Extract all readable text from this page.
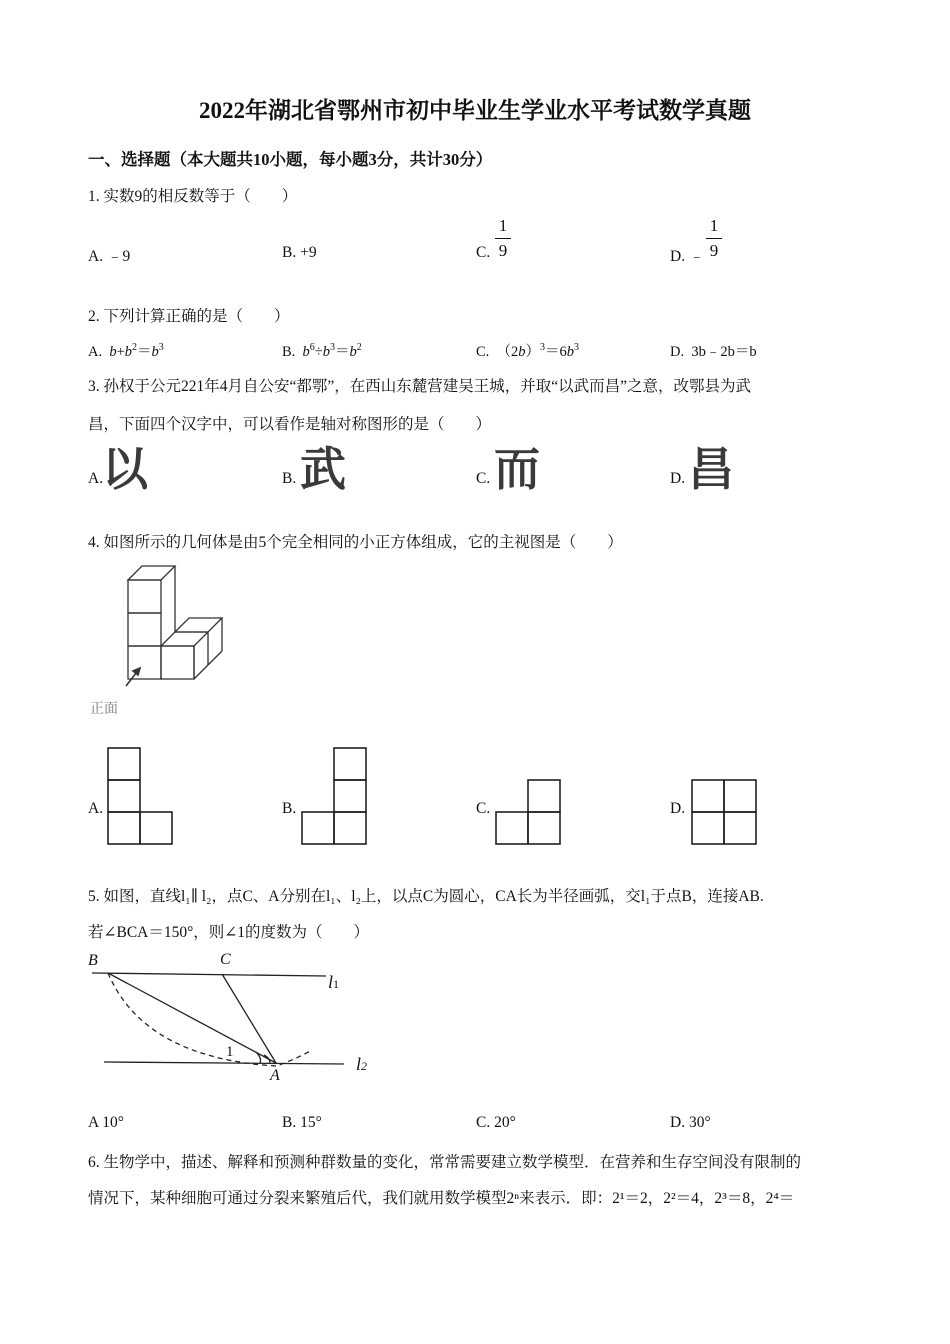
2022年湖北省鄂州市初中毕业生学业水平考试数学真题
一、选择题（本大题共10小题，每小题3分，共计30分）
1. 实数9的相反数等于（　　）
A. ﹣9	B. +9	C.
1
9	D. ﹣
1
9
2. 下列计算正确的是（　　）
A. $b+b^2=b^3$	B. $b^6\div b^3=b^2$	C. $(2b)^3=6b^3$	D. 3b﹣2b＝b
3. 孙权于公元221年4月自公安“都鄂”，在西山东麓营建吴王城，并取“以武而昌”之意，改鄂县为武
昌，下面四个汉字中，可以看作是轴对称图形的是（　　）
A.
以	B. 武	C. 而	D. 昌
4. 如图所示的几何体是由5个完全相同的小正方体组成，它的主视图是（　　）
正面
A.	B.	C.	D.
5. 如图，直线l₁∥ l₂，点C、A分别在l₁、l₂上，以点C为圆心，CA长为半径画弧，交l₁于点B，连接AB.
若∠BCA＝150°，则∠1的度数为（　　）
B	C
A
1
l1
l2
A 10°	B. 15°	C. 20°	D. 30°
6. 生物学中，描述、解释和预测种群数量的变化，常常需要建立数学模型．在营养和生存空间没有限制的
情况下，某种细胞可通过分裂来繁殖后代，我们就用数学模型2ⁿ来表示．即：2¹＝2，2²＝4，2³＝8，2⁴＝
